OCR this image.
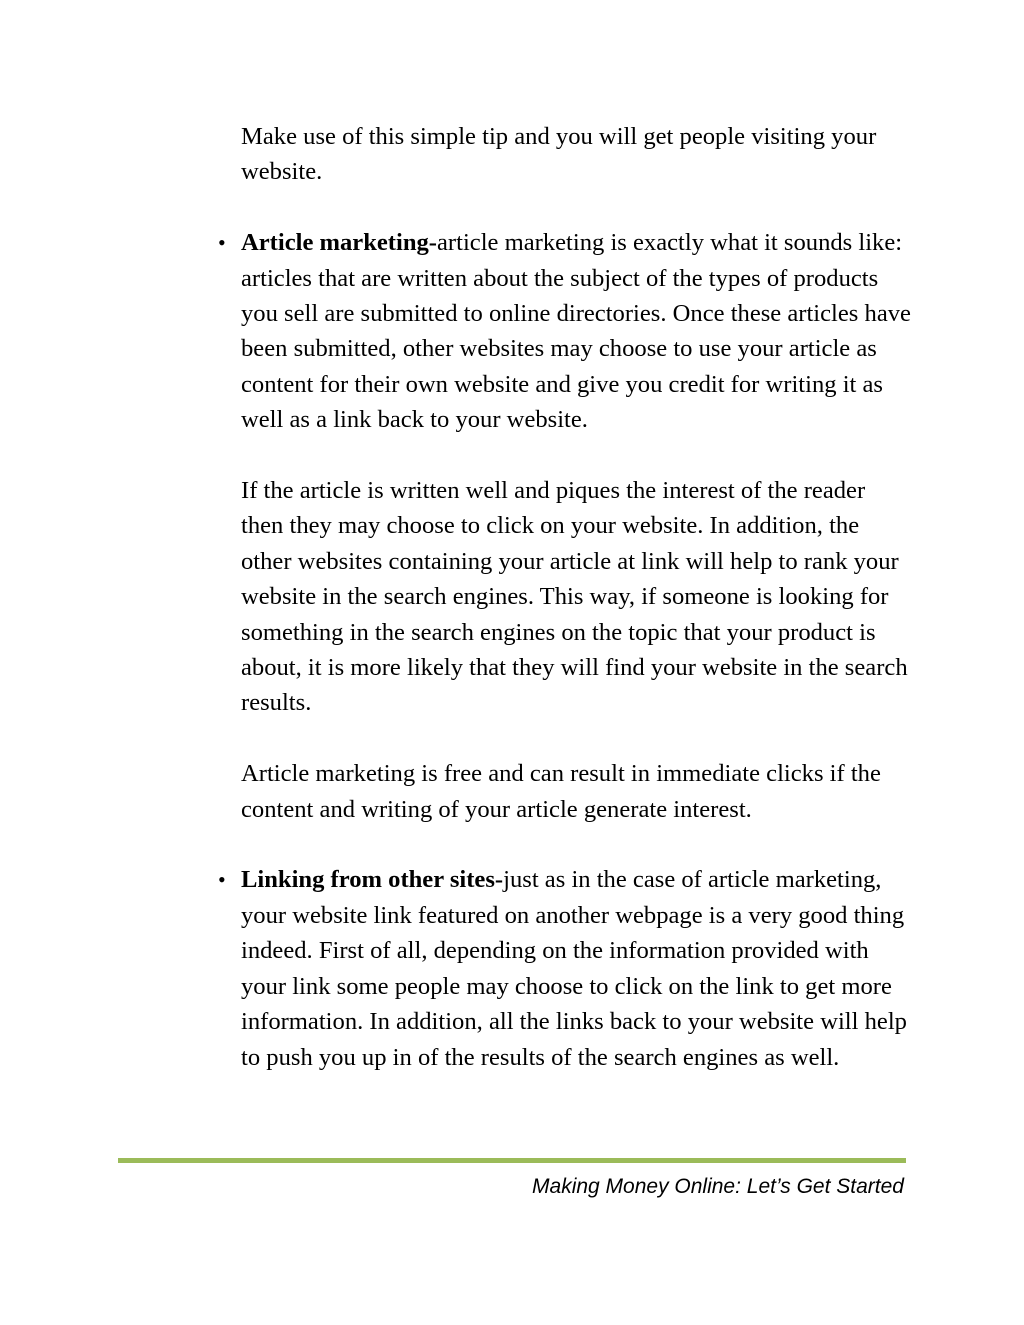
Make use of this simple tip and you will get people visiting your website.

• Article marketing-article marketing is exactly what it sounds like: articles that are written about the subject of the types of products you sell are submitted to online directories. Once these articles have been submitted, other websites may choose to use your article as content for their own website and give you credit for writing it as well as a link back to your website.

If the article is written well and piques the interest of the reader then they may choose to click on your website. In addition, the other websites containing your article at link will help to rank your website in the search engines. This way, if someone is looking for something in the search engines on the topic that your product is about, it is more likely that they will find your website in the search results.

Article marketing is free and can result in immediate clicks if the content and writing of your article generate interest.

• Linking from other sites-just as in the case of article marketing, your website link featured on another webpage is a very good thing indeed. First of all, depending on the information provided with your link some people may choose to click on the link to get more information. In addition, all the links back to your website will help to push you up in of the results of the search engines as well.
Making Money Online: Let’s Get Started
